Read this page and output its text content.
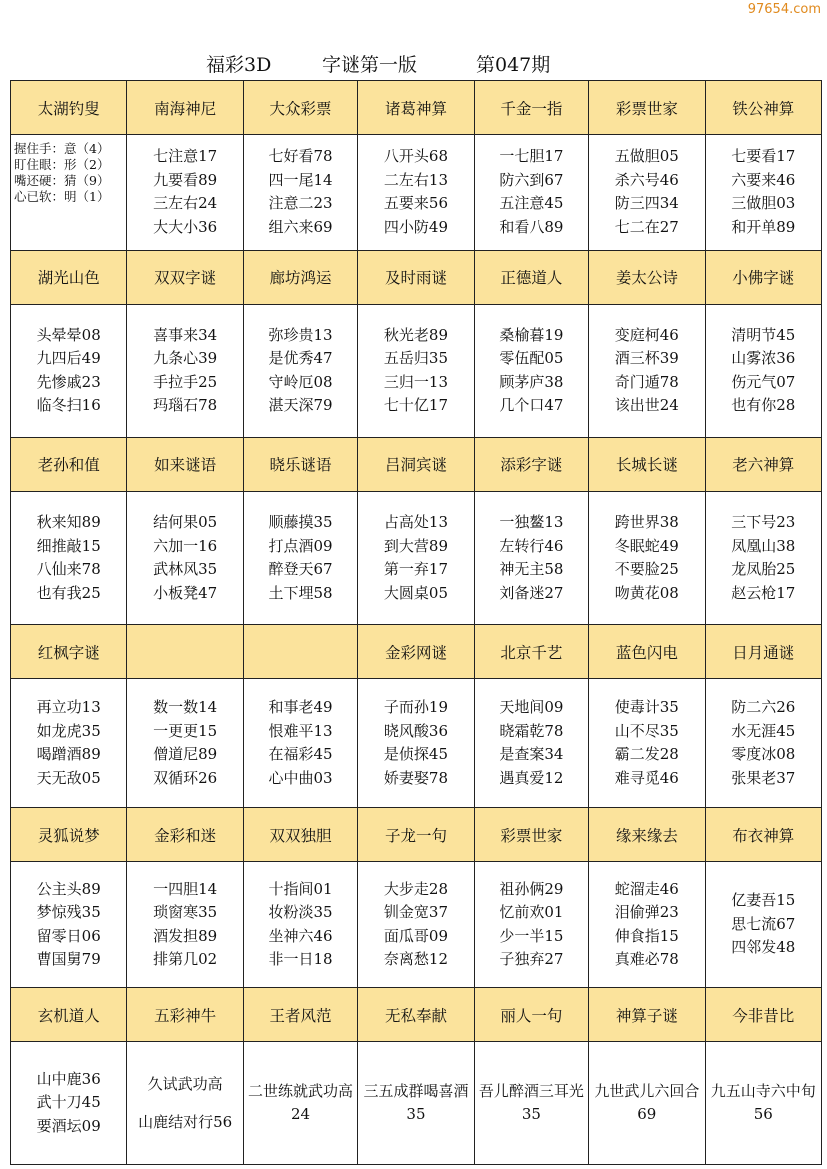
97654.com
福彩3D	字谜第一版	第047期
太湖钓叟	南海神尼	大众彩票	诸葛神算	千金一指	彩票世家	铁公神算

握住手：意（4）
盯住眼：形（2）
嘴还硬：猜（9）
心已软：明（1）	七注意17
九要看89
三左右24
大大小36	七好看78
四一尾14
注意二23
组六来69	八开头68
二左右13
五要来56
四小防49	一七胆17
防六到67
五注意45
和看八89	五做胆05
杀六号46
防三四34
七二在27	七要看17
六要来46
三做胆03
和开单89

湖光山色	双双字谜	廊坊鸿运	及时雨谜	正德道人	姜太公诗	小佛字谜

头晕晕08
九四后49
先惨戚23
临冬扫16	喜事来34
九条心39
手拉手25
玛瑙石78	弥珍贵13
是优秀47
守岭厄08
湛天深79	秋光老89
五岳归35
三归一13
七十亿17	桑榆暮19
零伍配05
顾茅庐38
几个口47	变庭柯46
酒三杯39
奇门遁78
该出世24	清明节45
山雾浓36
伤元气07
也有你28

老孙和值	如来谜语	晓乐谜语	吕洞宾谜	添彩字谜	长城长谜	老六神算

秋来知89
细推敲15
八仙来78
也有我25	结何果05
六加一16
武林风35
小板凳47	顺藤摸35
打点酒09
醉登天67
土下埋58	占高处13
到大营89
第一弃17
大圆桌05	一独鳌13
左转行46
神无主58
刘备迷27	跨世界38
冬眠蛇49
不要脸25
吻黄花08	三下号23
凤凰山38
龙凤胎25
赵云枪17

红枫字谜			金彩网谜	北京千艺	蓝色闪电	日月通谜

再立功13
如龙虎35
喝蹭酒89
天无敌05	数一数14
一更更15
僧道尼89
双循环26	和事老49
恨难平13
在福彩45
心中曲03	子而孙19
晓风酸36
是侦探45
娇妻娶78	天地间09
晓霜乾78
是查案34
遇真爱12	使毒计35
山不尽35
霸二发28
难寻觅46	防二六26
水无涯45
零度冰08
张果老37

灵狐说梦	金彩和迷	双双独胆	子龙一句	彩票世家	缘来缘去	布衣神算

公主头89
梦惊残35
留零日06
曹国舅79	一四胆14
琐窗寒35
酒发担89
排第几02	十指间01
妆粉淡35
坐神六46
非一日18	大步走28
钏金宽37
面瓜哥09
奈离愁12	祖孙俩29
忆前欢01
少一半15
子独弃27	蛇溜走46
泪偷弹23
伸食指15
真难必78	亿妻吾15
思七流67
四邻发48

玄机道人	五彩神牛	王者风范	无私奉献	丽人一句	神算子谜	今非昔比

山中鹿36
武十刀45
要酒坛09	久试武功高
山鹿结对行56	二世练就武功高24	三五成群喝喜酒35	吾儿醉酒三耳光35	九世武儿六回合69	九五山寺六中旬56
